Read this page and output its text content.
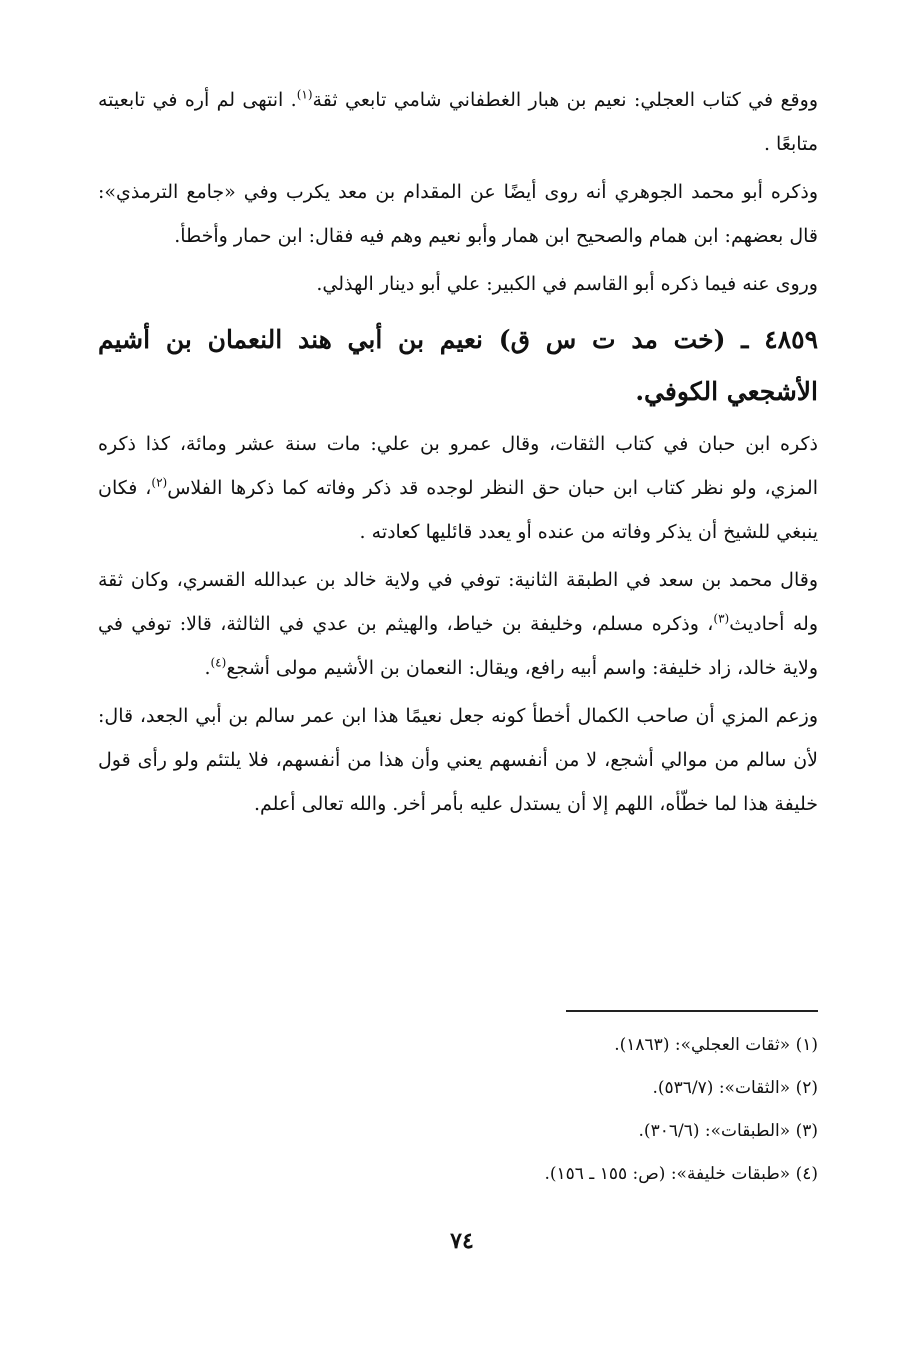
ووقع في كتاب العجلي: نعيم بن هبار الغطفاني شامي تابعي ثقة$^{(١)}$. انتهى لم أره في تابعيته متابعًا .

وذكره أبو محمد الجوهري أنه روى أيضًا عن المقدام بن معد يكرب وفي «جامع الترمذي»: قال بعضهم: ابن همام والصحيح ابن همار وأبو نعيم وهم فيه فقال: ابن حمار وأخطأ.

وروى عنه فيما ذكره أبو القاسم في الكبير: علي أبو دينار الهذلي.

٤٨٥٩ ـ (خت مد ت س ق) نعيم بن أبي هند النعمان بن أشيم الأشجعي الكوفي.

ذكره ابن حبان في كتاب الثقات، وقال عمرو بن علي: مات سنة عشر ومائة، كذا ذكره المزي، ولو نظر كتاب ابن حبان حق النظر لوجده قد ذكر وفاته كما ذكرها الفلاس$^{(٢)}$، فكان ينبغي للشيخ أن يذكر وفاته من عنده أو يعدد قائليها كعادته .

وقال محمد بن سعد في الطبقة الثانية: توفي في ولاية خالد بن عبدالله القسري، وكان ثقة وله أحاديث$^{(٣)}$، وذكره مسلم، وخليفة بن خياط، والهيثم بن عدي في الثالثة، قالا: توفي في ولاية خالد، زاد خليفة: واسم أبيه رافع، ويقال: النعمان بن الأشيم مولى أشجع$^{(٤)}$.

وزعم المزي أن صاحب الكمال أخطأ كونه جعل نعيمًا هذا ابن عمر سالم بن أبي الجعد، قال: لأن سالم من موالي أشجع، لا من أنفسهم يعني وأن هذا من أنفسهم، فلا يلتئم ولو رأى قول خليفة هذا لما خطّأه، اللهم إلا أن يستدل عليه بأمر أخر. والله تعالى أعلم.

(١) «ثقات العجلي»: (١٨٦٣).
(٢) «الثقات»: (٥٣٦/٧).
(٣) «الطبقات»: (٣٠٦/٦).
(٤) «طبقات خليفة»: (ص: ١٥٥ ـ ١٥٦).
٧٤
